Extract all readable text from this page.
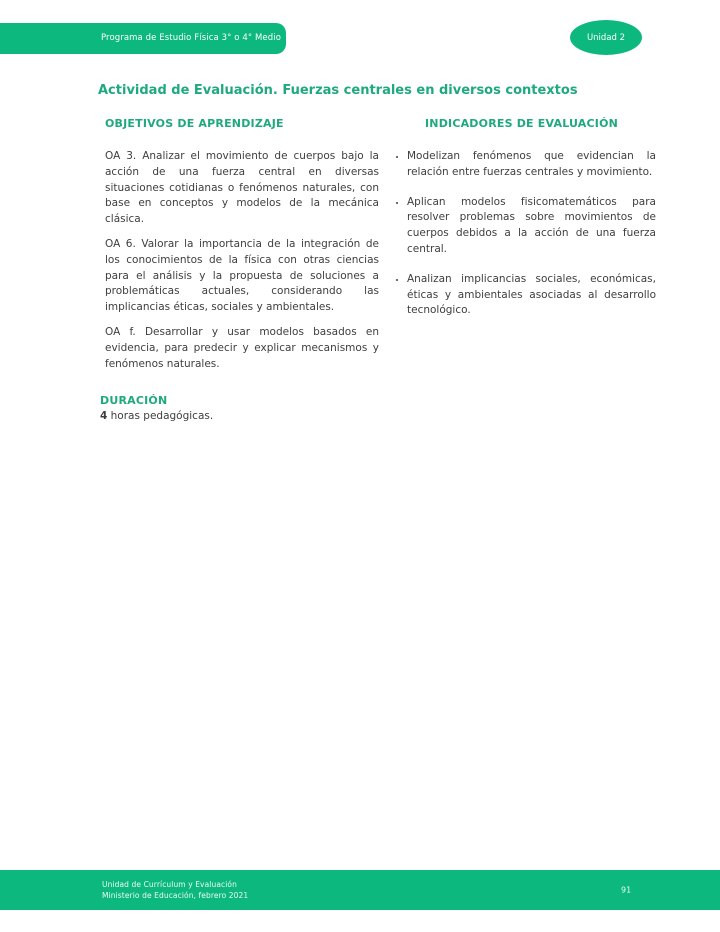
Programa de Estudio Física 3° o 4° Medio	Unidad 2
Actividad de Evaluación. Fuerzas centrales en diversos contextos
OBJETIVOS DE APRENDIZAJE

OA 3. Analizar el movimiento de cuerpos bajo la acción de una fuerza central en diversas situaciones cotidianas o fenómenos naturales, con base en conceptos y modelos de la mecánica clásica.

OA 6. Valorar la importancia de la integración de los conocimientos de la física con otras ciencias para el análisis y la propuesta de soluciones a problemáticas actuales, considerando las implicancias éticas, sociales y ambientales.

OA f. Desarrollar y usar modelos basados en evidencia, para predecir y explicar mecanismos y fenómenos naturales.

INDICADORES DE EVALUACIÓN
• Modelizan fenómenos que evidencian la relación entre fuerzas centrales y movimiento.
• Aplican modelos fisicomatemáticos para resolver problemas sobre movimientos de cuerpos debidos a la acción de una fuerza central.
• Analizan implicancias sociales, económicas, éticas y ambientales asociadas al desarrollo tecnológico.
DURACIÓN

4 horas pedagógicas.

Unidad de Currículum y Evaluación
Ministerio de Educación, febrero 2021
91
